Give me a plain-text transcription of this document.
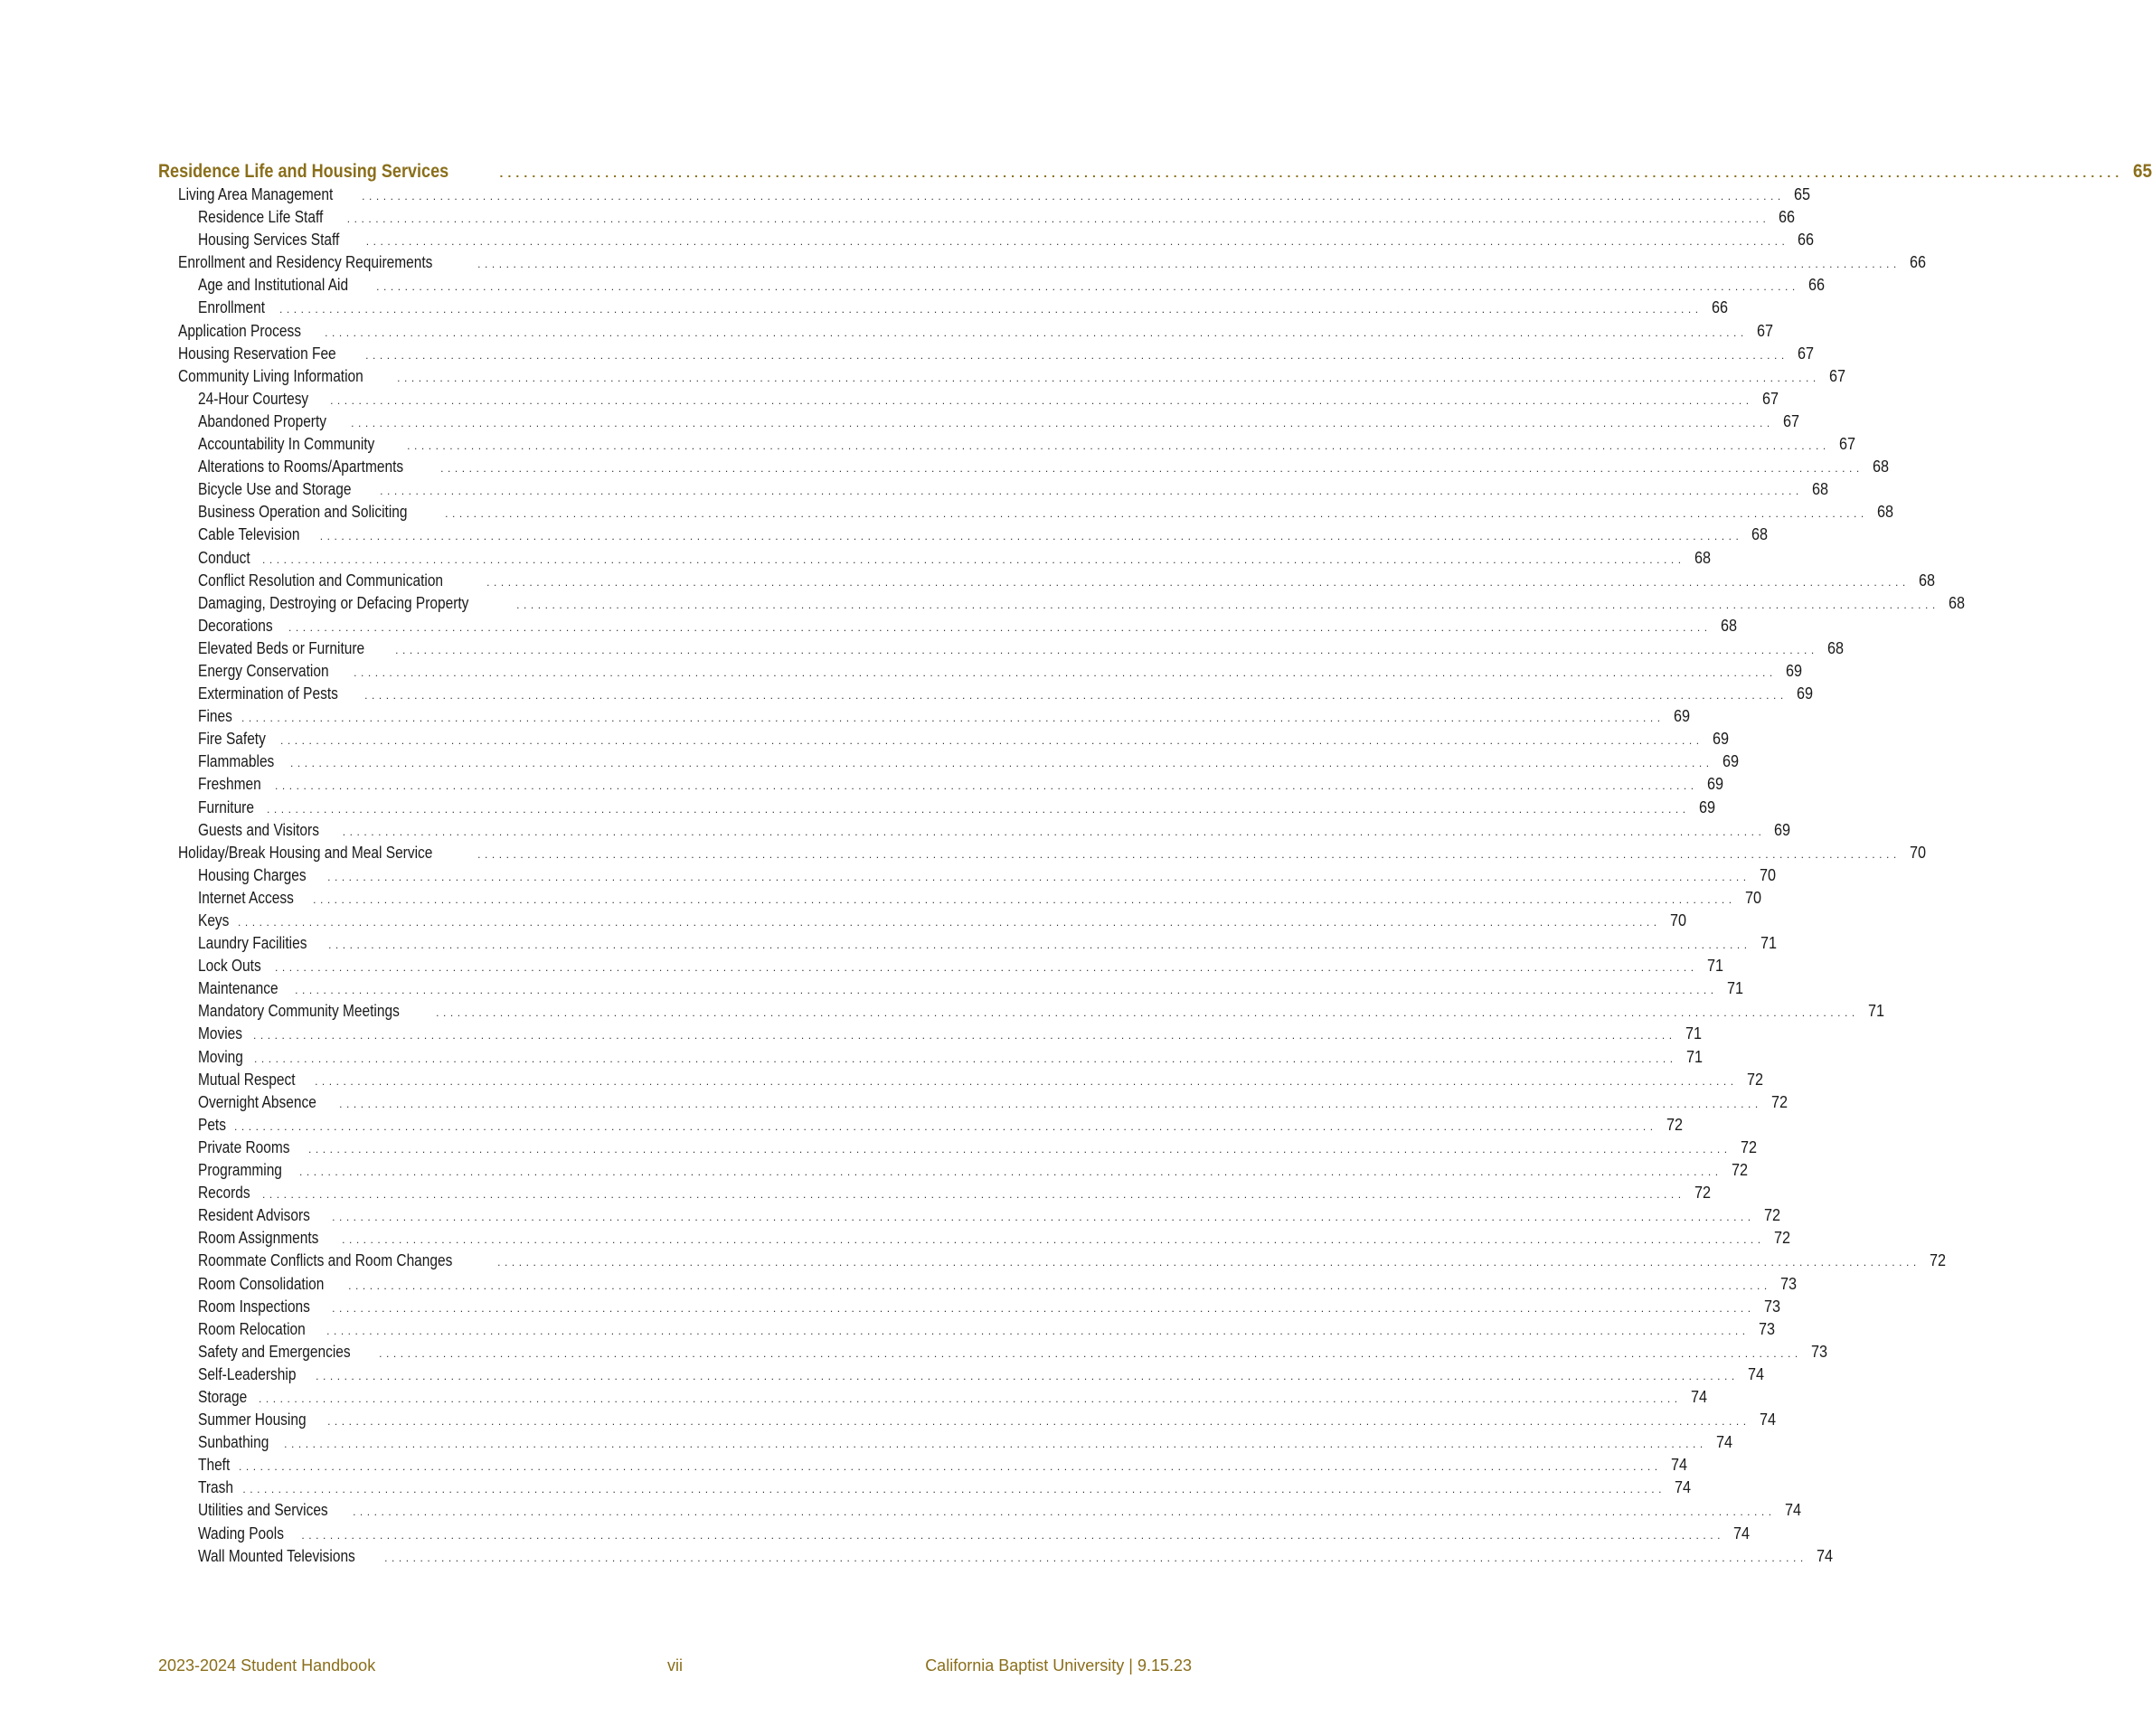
Residence Life and Housing Services	. . . . . . . . . . . . . . . . . . . . . . . . . . . . . . . . . . . . . . . . . . . . . . . . . . . . . . . . . . . . . . . . . . . . . . . . . . . . . . . . . . . . . . . . . . . . . . . . . . . . . . . . . . . . . . . . . . . . . . . . . . . . . . . . . . . . . . . . . . . . . . . . . . . . . . . . . . . . . . . . . . . . . . . . . . . . . . . . . . . . . . . . . . . . . . . . . . . . . . . . 65
Living Area Management	. . . . . . . . . . . . . . . . . . . . . . . . . . . . . . . . . . . . . . . . . . . . . . . . . . . . . . . . . . . . . . . . . . . . . . . . . . . . . . . . . . . . . . . . . . . . . . . . . . . . . . . . . . . . . . . . . . . . . . . . . . . . . . . . . . . . . . . . . . . . . . . . . . . . . . . . . . . . . . . . . . . . . . . . . . . . . . . . . . . . . . . . . . . . . . . . . . . . . . . . 65
Residence Life Staff . . . . . . . . . . . . . . . . . . . . . . . . . . . . . . . . . . . . . . . . . . . . . . . . . . . . . . . . . . . . . . . . . . . . . . . . . . . . . . . . . . . . . . . . . . . . . . . . . . . . . . . . . . . . . . . . . . . . . . . . . . . . . . . . . . . . . . . . . . . . . . . . . . . . . . . . . . . . . . . . . . . . . . . . . . . . . . . . . . . . . . . . . . . . . . . . . . . . . . . . 66
Housing Services Staff . . . . . . . . . . . . . . . . . . . . . . . . . . . . . . . . . . . . . . . . . . . . . . . . . . . . . . . . . . . . . . . . . . . . . . . . . . . . . . . . . . . . . . . . . . . . . . . . . . . . . . . . . . . . . . . . . . . . . . . . . . . . . . . . . . . . . . . . . . . . . . . . . . . . . . . . . . . . . . . . . . . . . . . . . . . . . . . . . . . . . . . . . . . . . . . . . . . . . . . . 66
Enrollment and Residency Requirements	. . . . . . . . . . . . . . . . . . . . . . . . . . . . . . . . . . . . . . . . . . . . . . . . . . . . . . . . . . . . . . . . . . . . . . . . . . . . . . . . . . . . . . . . . . . . . . . . . . . . . . . . . . . . . . . . . . . . . . . . . . . . . . . . . . . . . . . . . . . . . . . . . . . . . . . . . . . . . . . . . . . . . . . . . . . . . . . . . . . . . . . . . . . . . . . . . . . . . . . . 66
Age and Institutional Aid	. . . . . . . . . . . . . . . . . . . . . . . . . . . . . . . . . . . . . . . . . . . . . . . . . . . . . . . . . . . . . . . . . . . . . . . . . . . . . . . . . . . . . . . . . . . . . . . . . . . . . . . . . . . . . . . . . . . . . . . . . . . . . . . . . . . . . . . . . . . . . . . . . . . . . . . . . . . . . . . . . . . . . . . . . . . . . . . . . . . . . . . . . . . . . . . . . . . . . . . . 66
Enrollment . . . . . . . . . . . . . . . . . . . . . . . . . . . . . . . . . . . . . . . . . . . . . . . . . . . . . . . . . . . . . . . . . . . . . . . . . . . . . . . . . . . . . . . . . . . . . . . . . . . . . . . . . . . . . . . . . . . . . . . . . . . . . . . . . . . . . . . . . . . . . . . . . . . . . . . . . . . . . . . . . . . . . . . . . . . . . . . . . . . . . . . . . . . . . . . . . . . . . . . . 66
Application Process . . . . . . . . . . . . . . . . . . . . . . . . . . . . . . . . . . . . . . . . . . . . . . . . . . . . . . . . . . . . . . . . . . . . . . . . . . . . . . . . . . . . . . . . . . . . . . . . . . . . . . . . . . . . . . . . . . . . . . . . . . . . . . . . . . . . . . . . . . . . . . . . . . . . . . . . . . . . . . . . . . . . . . . . . . . . . . . . . . . . . . . . . . . . . . . . . . . . . . . . 67
Housing Reservation Fee	. . . . . . . . . . . . . . . . . . . . . . . . . . . . . . . . . . . . . . . . . . . . . . . . . . . . . . . . . . . . . . . . . . . . . . . . . . . . . . . . . . . . . . . . . . . . . . . . . . . . . . . . . . . . . . . . . . . . . . . . . . . . . . . . . . . . . . . . . . . . . . . . . . . . . . . . . . . . . . . . . . . . . . . . . . . . . . . . . . . . . . . . . . . . . . . . . . . . . . . . 67
Community Living Information	. . . . . . . . . . . . . . . . . . . . . . . . . . . . . . . . . . . . . . . . . . . . . . . . . . . . . . . . . . . . . . . . . . . . . . . . . . . . . . . . . . . . . . . . . . . . . . . . . . . . . . . . . . . . . . . . . . . . . . . . . . . . . . . . . . . . . . . . . . . . . . . . . . . . . . . . . . . . . . . . . . . . . . . . . . . . . . . . . . . . . . . . . . . . . . . . . . . . . . . . 67
24-Hour Courtesy . . . . . . . . . . . . . . . . . . . . . . . . . . . . . . . . . . . . . . . . . . . . . . . . . . . . . . . . . . . . . . . . . . . . . . . . . . . . . . . . . . . . . . . . . . . . . . . . . . . . . . . . . . . . . . . . . . . . . . . . . . . . . . . . . . . . . . . . . . . . . . . . . . . . . . . . . . . . . . . . . . . . . . . . . . . . . . . . . . . . . . . . . . . . . . . . . . . . . . . . 67
Abandoned Property . . . . . . . . . . . . . . . . . . . . . . . . . . . . . . . . . . . . . . . . . . . . . . . . . . . . . . . . . . . . . . . . . . . . . . . . . . . . . . . . . . . . . . . . . . . . . . . . . . . . . . . . . . . . . . . . . . . . . . . . . . . . . . . . . . . . . . . . . . . . . . . . . . . . . . . . . . . . . . . . . . . . . . . . . . . . . . . . . . . . . . . . . . . . . . . . . . . . . . . . 67
Accountability In Community	. . . . . . . . . . . . . . . . . . . . . . . . . . . . . . . . . . . . . . . . . . . . . . . . . . . . . . . . . . . . . . . . . . . . . . . . . . . . . . . . . . . . . . . . . . . . . . . . . . . . . . . . . . . . . . . . . . . . . . . . . . . . . . . . . . . . . . . . . . . . . . . . . . . . . . . . . . . . . . . . . . . . . . . . . . . . . . . . . . . . . . . . . . . . . . . . . . . . . . . . 67
Alterations to Rooms/Apartments	. . . . . . . . . . . . . . . . . . . . . . . . . . . . . . . . . . . . . . . . . . . . . . . . . . . . . . . . . . . . . . . . . . . . . . . . . . . . . . . . . . . . . . . . . . . . . . . . . . . . . . . . . . . . . . . . . . . . . . . . . . . . . . . . . . . . . . . . . . . . . . . . . . . . . . . . . . . . . . . . . . . . . . . . . . . . . . . . . . . . . . . . . . . . . . . . . . . . . . . . 68
Bicycle Use and Storage	. . . . . . . . . . . . . . . . . . . . . . . . . . . . . . . . . . . . . . . . . . . . . . . . . . . . . . . . . . . . . . . . . . . . . . . . . . . . . . . . . . . . . . . . . . . . . . . . . . . . . . . . . . . . . . . . . . . . . . . . . . . . . . . . . . . . . . . . . . . . . . . . . . . . . . . . . . . . . . . . . . . . . . . . . . . . . . . . . . . . . . . . . . . . . . . . . . . . . . . . 68
Business Operation and Soliciting	. . . . . . . . . . . . . . . . . . . . . . . . . . . . . . . . . . . . . . . . . . . . . . . . . . . . . . . . . . . . . . . . . . . . . . . . . . . . . . . . . . . . . . . . . . . . . . . . . . . . . . . . . . . . . . . . . . . . . . . . . . . . . . . . . . . . . . . . . . . . . . . . . . . . . . . . . . . . . . . . . . . . . . . . . . . . . . . . . . . . . . . . . . . . . . . . . . . . . . . . 68
Cable Television . . . . . . . . . . . . . . . . . . . . . . . . . . . . . . . . . . . . . . . . . . . . . . . . . . . . . . . . . . . . . . . . . . . . . . . . . . . . . . . . . . . . . . . . . . . . . . . . . . . . . . . . . . . . . . . . . . . . . . . . . . . . . . . . . . . . . . . . . . . . . . . . . . . . . . . . . . . . . . . . . . . . . . . . . . . . . . . . . . . . . . . . . . . . . . . . . . . . . . . . 68
Conduct . . . . . . . . . . . . . . . . . . . . . . . . . . . . . . . . . . . . . . . . . . . . . . . . . . . . . . . . . . . . . . . . . . . . . . . . . . . . . . . . . . . . . . . . . . . . . . . . . . . . . . . . . . . . . . . . . . . . . . . . . . . . . . . . . . . . . . . . . . . . . . . . . . . . . . . . . . . . . . . . . . . . . . . . . . . . . . . . . . . . . . . . . . . . . . . . . . . . . . . . 68
Conflict Resolution and Communication	. . . . . . . . . . . . . . . . . . . . . . . . . . . . . . . . . . . . . . . . . . . . . . . . . . . . . . . . . . . . . . . . . . . . . . . . . . . . . . . . . . . . . . . . . . . . . . . . . . . . . . . . . . . . . . . . . . . . . . . . . . . . . . . . . . . . . . . . . . . . . . . . . . . . . . . . . . . . . . . . . . . . . . . . . . . . . . . . . . . . . . . . . . . . . . . . . . . . . . . . 68
Damaging, Destroying or Defacing Property	. . . . . . . . . . . . . . . . . . . . . . . . . . . . . . . . . . . . . . . . . . . . . . . . . . . . . . . . . . . . . . . . . . . . . . . . . . . . . . . . . . . . . . . . . . . . . . . . . . . . . . . . . . . . . . . . . . . . . . . . . . . . . . . . . . . . . . . . . . . . . . . . . . . . . . . . . . . . . . . . . . . . . . . . . . . . . . . . . . . . . . . . . . . . . . . . . . . . . . . . 68
Decorations . . . . . . . . . . . . . . . . . . . . . . . . . . . . . . . . . . . . . . . . . . . . . . . . . . . . . . . . . . . . . . . . . . . . . . . . . . . . . . . . . . . . . . . . . . . . . . . . . . . . . . . . . . . . . . . . . . . . . . . . . . . . . . . . . . . . . . . . . . . . . . . . . . . . . . . . . . . . . . . . . . . . . . . . . . . . . . . . . . . . . . . . . . . . . . . . . . . . . . . . 68
Elevated Beds or Furniture	. . . . . . . . . . . . . . . . . . . . . . . . . . . . . . . . . . . . . . . . . . . . . . . . . . . . . . . . . . . . . . . . . . . . . . . . . . . . . . . . . . . . . . . . . . . . . . . . . . . . . . . . . . . . . . . . . . . . . . . . . . . . . . . . . . . . . . . . . . . . . . . . . . . . . . . . . . . . . . . . . . . . . . . . . . . . . . . . . . . . . . . . . . . . . . . . . . . . . . . . 68
Energy Conservation . . . . . . . . . . . . . . . . . . . . . . . . . . . . . . . . . . . . . . . . . . . . . . . . . . . . . . . . . . . . . . . . . . . . . . . . . . . . . . . . . . . . . . . . . . . . . . . . . . . . . . . . . . . . . . . . . . . . . . . . . . . . . . . . . . . . . . . . . . . . . . . . . . . . . . . . . . . . . . . . . . . . . . . . . . . . . . . . . . . . . . . . . . . . . . . . . . . . . . . . 69
Extermination of Pests . . . . . . . . . . . . . . . . . . . . . . . . . . . . . . . . . . . . . . . . . . . . . . . . . . . . . . . . . . . . . . . . . . . . . . . . . . . . . . . . . . . . . . . . . . . . . . . . . . . . . . . . . . . . . . . . . . . . . . . . . . . . . . . . . . . . . . . . . . . . . . . . . . . . . . . . . . . . . . . . . . . . . . . . . . . . . . . . . . . . . . . . . . . . . . . . . . . . . . . . 69
Fines . . . . . . . . . . . . . . . . . . . . . . . . . . . . . . . . . . . . . . . . . . . . . . . . . . . . . . . . . . . . . . . . . . . . . . . . . . . . . . . . . . . . . . . . . . . . . . . . . . . . . . . . . . . . . . . . . . . . . . . . . . . . . . . . . . . . . . . . . . . . . . . . . . . . . . . . . . . . . . . . . . . . . . . . . . . . . . . . . . . . . . . . . . . . . . . . . . . . . . . . 69
Fire Safety . . . . . . . . . . . . . . . . . . . . . . . . . . . . . . . . . . . . . . . . . . . . . . . . . . . . . . . . . . . . . . . . . . . . . . . . . . . . . . . . . . . . . . . . . . . . . . . . . . . . . . . . . . . . . . . . . . . . . . . . . . . . . . . . . . . . . . . . . . . . . . . . . . . . . . . . . . . . . . . . . . . . . . . . . . . . . . . . . . . . . . . . . . . . . . . . . . . . . . . . 69
Flammables . . . . . . . . . . . . . . . . . . . . . . . . . . . . . . . . . . . . . . . . . . . . . . . . . . . . . . . . . . . . . . . . . . . . . . . . . . . . . . . . . . . . . . . . . . . . . . . . . . . . . . . . . . . . . . . . . . . . . . . . . . . . . . . . . . . . . . . . . . . . . . . . . . . . . . . . . . . . . . . . . . . . . . . . . . . . . . . . . . . . . . . . . . . . . . . . . . . . . . . . 69
Freshmen . . . . . . . . . . . . . . . . . . . . . . . . . . . . . . . . . . . . . . . . . . . . . . . . . . . . . . . . . . . . . . . . . . . . . . . . . . . . . . . . . . . . . . . . . . . . . . . . . . . . . . . . . . . . . . . . . . . . . . . . . . . . . . . . . . . . . . . . . . . . . . . . . . . . . . . . . . . . . . . . . . . . . . . . . . . . . . . . . . . . . . . . . . . . . . . . . . . . . . . . 69
Furniture . . . . . . . . . . . . . . . . . . . . . . . . . . . . . . . . . . . . . . . . . . . . . . . . . . . . . . . . . . . . . . . . . . . . . . . . . . . . . . . . . . . . . . . . . . . . . . . . . . . . . . . . . . . . . . . . . . . . . . . . . . . . . . . . . . . . . . . . . . . . . . . . . . . . . . . . . . . . . . . . . . . . . . . . . . . . . . . . . . . . . . . . . . . . . . . . . . . . . . . . 69
Guests and Visitors . . . . . . . . . . . . . . . . . . . . . . . . . . . . . . . . . . . . . . . . . . . . . . . . . . . . . . . . . . . . . . . . . . . . . . . . . . . . . . . . . . . . . . . . . . . . . . . . . . . . . . . . . . . . . . . . . . . . . . . . . . . . . . . . . . . . . . . . . . . . . . . . . . . . . . . . . . . . . . . . . . . . . . . . . . . . . . . . . . . . . . . . . . . . . . . . . . . . . . . . 69
Holiday/Break Housing and Meal Service	. . . . . . . . . . . . . . . . . . . . . . . . . . . . . . . . . . . . . . . . . . . . . . . . . . . . . . . . . . . . . . . . . . . . . . . . . . . . . . . . . . . . . . . . . . . . . . . . . . . . . . . . . . . . . . . . . . . . . . . . . . . . . . . . . . . . . . . . . . . . . . . . . . . . . . . . . . . . . . . . . . . . . . . . . . . . . . . . . . . . . . . . . . . . . . . . . . . . . . . . 70
Housing Charges . . . . . . . . . . . . . . . . . . . . . . . . . . . . . . . . . . . . . . . . . . . . . . . . . . . . . . . . . . . . . . . . . . . . . . . . . . . . . . . . . . . . . . . . . . . . . . . . . . . . . . . . . . . . . . . . . . . . . . . . . . . . . . . . . . . . . . . . . . . . . . . . . . . . . . . . . . . . . . . . . . . . . . . . . . . . . . . . . . . . . . . . . . . . . . . . . . . . . . . . 70
Internet Access . . . . . . . . . . . . . . . . . . . . . . . . . . . . . . . . . . . . . . . . . . . . . . . . . . . . . . . . . . . . . . . . . . . . . . . . . . . . . . . . . . . . . . . . . . . . . . . . . . . . . . . . . . . . . . . . . . . . . . . . . . . . . . . . . . . . . . . . . . . . . . . . . . . . . . . . . . . . . . . . . . . . . . . . . . . . . . . . . . . . . . . . . . . . . . . . . . . . . . . . 70
Keys . . . . . . . . . . . . . . . . . . . . . . . . . . . . . . . . . . . . . . . . . . . . . . . . . . . . . . . . . . . . . . . . . . . . . . . . . . . . . . . . . . . . . . . . . . . . . . . . . . . . . . . . . . . . . . . . . . . . . . . . . . . . . . . . . . . . . . . . . . . . . . . . . . . . . . . . . . . . . . . . . . . . . . . . . . . . . . . . . . . . . . . . . . . . . . . . . . . . . . . . 70
Laundry Facilities . . . . . . . . . . . . . . . . . . . . . . . . . . . . . . . . . . . . . . . . . . . . . . . . . . . . . . . . . . . . . . . . . . . . . . . . . . . . . . . . . . . . . . . . . . . . . . . . . . . . . . . . . . . . . . . . . . . . . . . . . . . . . . . . . . . . . . . . . . . . . . . . . . . . . . . . . . . . . . . . . . . . . . . . . . . . . . . . . . . . . . . . . . . . . . . . . . . . . . . . 71
Lock Outs . . . . . . . . . . . . . . . . . . . . . . . . . . . . . . . . . . . . . . . . . . . . . . . . . . . . . . . . . . . . . . . . . . . . . . . . . . . . . . . . . . . . . . . . . . . . . . . . . . . . . . . . . . . . . . . . . . . . . . . . . . . . . . . . . . . . . . . . . . . . . . . . . . . . . . . . . . . . . . . . . . . . . . . . . . . . . . . . . . . . . . . . . . . . . . . . . . . . . . . . 71
Maintenance . . . . . . . . . . . . . . . . . . . . . . . . . . . . . . . . . . . . . . . . . . . . . . . . . . . . . . . . . . . . . . . . . . . . . . . . . . . . . . . . . . . . . . . . . . . . . . . . . . . . . . . . . . . . . . . . . . . . . . . . . . . . . . . . . . . . . . . . . . . . . . . . . . . . . . . . . . . . . . . . . . . . . . . . . . . . . . . . . . . . . . . . . . . . . . . . . . . . . . . . 71
Mandatory Community Meetings	. . . . . . . . . . . . . . . . . . . . . . . . . . . . . . . . . . . . . . . . . . . . . . . . . . . . . . . . . . . . . . . . . . . . . . . . . . . . . . . . . . . . . . . . . . . . . . . . . . . . . . . . . . . . . . . . . . . . . . . . . . . . . . . . . . . . . . . . . . . . . . . . . . . . . . . . . . . . . . . . . . . . . . . . . . . . . . . . . . . . . . . . . . . . . . . . . . . . . . . . 71
Movies . . . . . . . . . . . . . . . . . . . . . . . . . . . . . . . . . . . . . . . . . . . . . . . . . . . . . . . . . . . . . . . . . . . . . . . . . . . . . . . . . . . . . . . . . . . . . . . . . . . . . . . . . . . . . . . . . . . . . . . . . . . . . . . . . . . . . . . . . . . . . . . . . . . . . . . . . . . . . . . . . . . . . . . . . . . . . . . . . . . . . . . . . . . . . . . . . . . . . . . . 71
Moving . . . . . . . . . . . . . . . . . . . . . . . . . . . . . . . . . . . . . . . . . . . . . . . . . . . . . . . . . . . . . . . . . . . . . . . . . . . . . . . . . . . . . . . . . . . . . . . . . . . . . . . . . . . . . . . . . . . . . . . . . . . . . . . . . . . . . . . . . . . . . . . . . . . . . . . . . . . . . . . . . . . . . . . . . . . . . . . . . . . . . . . . . . . . . . . . . . . . . . . . 71
Mutual Respect . . . . . . . . . . . . . . . . . . . . . . . . . . . . . . . . . . . . . . . . . . . . . . . . . . . . . . . . . . . . . . . . . . . . . . . . . . . . . . . . . . . . . . . . . . . . . . . . . . . . . . . . . . . . . . . . . . . . . . . . . . . . . . . . . . . . . . . . . . . . . . . . . . . . . . . . . . . . . . . . . . . . . . . . . . . . . . . . . . . . . . . . . . . . . . . . . . . . . . . . 72
Overnight Absence . . . . . . . . . . . . . . . . . . . . . . . . . . . . . . . . . . . . . . . . . . . . . . . . . . . . . . . . . . . . . . . . . . . . . . . . . . . . . . . . . . . . . . . . . . . . . . . . . . . . . . . . . . . . . . . . . . . . . . . . . . . . . . . . . . . . . . . . . . . . . . . . . . . . . . . . . . . . . . . . . . . . . . . . . . . . . . . . . . . . . . . . . . . . . . . . . . . . . . . . 72
Pets . . . . . . . . . . . . . . . . . . . . . . . . . . . . . . . . . . . . . . . . . . . . . . . . . . . . . . . . . . . . . . . . . . . . . . . . . . . . . . . . . . . . . . . . . . . . . . . . . . . . . . . . . . . . . . . . . . . . . . . . . . . . . . . . . . . . . . . . . . . . . . . . . . . . . . . . . . . . . . . . . . . . . . . . . . . . . . . . . . . . . . . . . . . . . . . . . . . . . . . . 72
Private Rooms . . . . . . . . . . . . . . . . . . . . . . . . . . . . . . . . . . . . . . . . . . . . . . . . . . . . . . . . . . . . . . . . . . . . . . . . . . . . . . . . . . . . . . . . . . . . . . . . . . . . . . . . . . . . . . . . . . . . . . . . . . . . . . . . . . . . . . . . . . . . . . . . . . . . . . . . . . . . . . . . . . . . . . . . . . . . . . . . . . . . . . . . . . . . . . . . . . . . . . . . 72
Programming . . . . . . . . . . . . . . . . . . . . . . . . . . . . . . . . . . . . . . . . . . . . . . . . . . . . . . . . . . . . . . . . . . . . . . . . . . . . . . . . . . . . . . . . . . . . . . . . . . . . . . . . . . . . . . . . . . . . . . . . . . . . . . . . . . . . . . . . . . . . . . . . . . . . . . . . . . . . . . . . . . . . . . . . . . . . . . . . . . . . . . . . . . . . . . . . . . . . . . . . 72
Records . . . . . . . . . . . . . . . . . . . . . . . . . . . . . . . . . . . . . . . . . . . . . . . . . . . . . . . . . . . . . . . . . . . . . . . . . . . . . . . . . . . . . . . . . . . . . . . . . . . . . . . . . . . . . . . . . . . . . . . . . . . . . . . . . . . . . . . . . . . . . . . . . . . . . . . . . . . . . . . . . . . . . . . . . . . . . . . . . . . . . . . . . . . . . . . . . . . . . . . . 72
Resident Advisors . . . . . . . . . . . . . . . . . . . . . . . . . . . . . . . . . . . . . . . . . . . . . . . . . . . . . . . . . . . . . . . . . . . . . . . . . . . . . . . . . . . . . . . . . . . . . . . . . . . . . . . . . . . . . . . . . . . . . . . . . . . . . . . . . . . . . . . . . . . . . . . . . . . . . . . . . . . . . . . . . . . . . . . . . . . . . . . . . . . . . . . . . . . . . . . . . . . . . . . . 72
Room Assignments . . . . . . . . . . . . . . . . . . . . . . . . . . . . . . . . . . . . . . . . . . . . . . . . . . . . . . . . . . . . . . . . . . . . . . . . . . . . . . . . . . . . . . . . . . . . . . . . . . . . . . . . . . . . . . . . . . . . . . . . . . . . . . . . . . . . . . . . . . . . . . . . . . . . . . . . . . . . . . . . . . . . . . . . . . . . . . . . . . . . . . . . . . . . . . . . . . . . . . . . 72
Roommate Conflicts and Room Changes	. . . . . . . . . . . . . . . . . . . . . . . . . . . . . . . . . . . . . . . . . . . . . . . . . . . . . . . . . . . . . . . . . . . . . . . . . . . . . . . . . . . . . . . . . . . . . . . . . . . . . . . . . . . . . . . . . . . . . . . . . . . . . . . . . . . . . . . . . . . . . . . . . . . . . . . . . . . . . . . . . . . . . . . . . . . . . . . . . . . . . . . . . . . . . . . . . . . . . . . . 72
Room Consolidation . . . . . . . . . . . . . . . . . . . . . . . . . . . . . . . . . . . . . . . . . . . . . . . . . . . . . . . . . . . . . . . . . . . . . . . . . . . . . . . . . . . . . . . . . . . . . . . . . . . . . . . . . . . . . . . . . . . . . . . . . . . . . . . . . . . . . . . . . . . . . . . . . . . . . . . . . . . . . . . . . . . . . . . . . . . . . . . . . . . . . . . . . . . . . . . . . . . . . . . . 73
Room Inspections . . . . . . . . . . . . . . . . . . . . . . . . . . . . . . . . . . . . . . . . . . . . . . . . . . . . . . . . . . . . . . . . . . . . . . . . . . . . . . . . . . . . . . . . . . . . . . . . . . . . . . . . . . . . . . . . . . . . . . . . . . . . . . . . . . . . . . . . . . . . . . . . . . . . . . . . . . . . . . . . . . . . . . . . . . . . . . . . . . . . . . . . . . . . . . . . . . . . . . . . 73
Room Relocation . . . . . . . . . . . . . . . . . . . . . . . . . . . . . . . . . . . . . . . . . . . . . . . . . . . . . . . . . . . . . . . . . . . . . . . . . . . . . . . . . . . . . . . . . . . . . . . . . . . . . . . . . . . . . . . . . . . . . . . . . . . . . . . . . . . . . . . . . . . . . . . . . . . . . . . . . . . . . . . . . . . . . . . . . . . . . . . . . . . . . . . . . . . . . . . . . . . . . . . . 73
Safety and Emergencies	. . . . . . . . . . . . . . . . . . . . . . . . . . . . . . . . . . . . . . . . . . . . . . . . . . . . . . . . . . . . . . . . . . . . . . . . . . . . . . . . . . . . . . . . . . . . . . . . . . . . . . . . . . . . . . . . . . . . . . . . . . . . . . . . . . . . . . . . . . . . . . . . . . . . . . . . . . . . . . . . . . . . . . . . . . . . . . . . . . . . . . . . . . . . . . . . . . . . . . . . 73
Self-Leadership . . . . . . . . . . . . . . . . . . . . . . . . . . . . . . . . . . . . . . . . . . . . . . . . . . . . . . . . . . . . . . . . . . . . . . . . . . . . . . . . . . . . . . . . . . . . . . . . . . . . . . . . . . . . . . . . . . . . . . . . . . . . . . . . . . . . . . . . . . . . . . . . . . . . . . . . . . . . . . . . . . . . . . . . . . . . . . . . . . . . . . . . . . . . . . . . . . . . . . . . 74
Storage . . . . . . . . . . . . . . . . . . . . . . . . . . . . . . . . . . . . . . . . . . . . . . . . . . . . . . . . . . . . . . . . . . . . . . . . . . . . . . . . . . . . . . . . . . . . . . . . . . . . . . . . . . . . . . . . . . . . . . . . . . . . . . . . . . . . . . . . . . . . . . . . . . . . . . . . . . . . . . . . . . . . . . . . . . . . . . . . . . . . . . . . . . . . . . . . . . . . . . . . 74
Summer Housing . . . . . . . . . . . . . . . . . . . . . . . . . . . . . . . . . . . . . . . . . . . . . . . . . . . . . . . . . . . . . . . . . . . . . . . . . . . . . . . . . . . . . . . . . . . . . . . . . . . . . . . . . . . . . . . . . . . . . . . . . . . . . . . . . . . . . . . . . . . . . . . . . . . . . . . . . . . . . . . . . . . . . . . . . . . . . . . . . . . . . . . . . . . . . . . . . . . . . . . . 74
Sunbathing . . . . . . . . . . . . . . . . . . . . . . . . . . . . . . . . . . . . . . . . . . . . . . . . . . . . . . . . . . . . . . . . . . . . . . . . . . . . . . . . . . . . . . . . . . . . . . . . . . . . . . . . . . . . . . . . . . . . . . . . . . . . . . . . . . . . . . . . . . . . . . . . . . . . . . . . . . . . . . . . . . . . . . . . . . . . . . . . . . . . . . . . . . . . . . . . . . . . . . . . 74
Theft . . . . . . . . . . . . . . . . . . . . . . . . . . . . . . . . . . . . . . . . . . . . . . . . . . . . . . . . . . . . . . . . . . . . . . . . . . . . . . . . . . . . . . . . . . . . . . . . . . . . . . . . . . . . . . . . . . . . . . . . . . . . . . . . . . . . . . . . . . . . . . . . . . . . . . . . . . . . . . . . . . . . . . . . . . . . . . . . . . . . . . . . . . . . . . . . . . . . . . . . 74
Trash . . . . . . . . . . . . . . . . . . . . . . . . . . . . . . . . . . . . . . . . . . . . . . . . . . . . . . . . . . . . . . . . . . . . . . . . . . . . . . . . . . . . . . . . . . . . . . . . . . . . . . . . . . . . . . . . . . . . . . . . . . . . . . . . . . . . . . . . . . . . . . . . . . . . . . . . . . . . . . . . . . . . . . . . . . . . . . . . . . . . . . . . . . . . . . . . . . . . . . . . 74
Utilities and Services . . . . . . . . . . . . . . . . . . . . . . . . . . . . . . . . . . . . . . . . . . . . . . . . . . . . . . . . . . . . . . . . . . . . . . . . . . . . . . . . . . . . . . . . . . . . . . . . . . . . . . . . . . . . . . . . . . . . . . . . . . . . . . . . . . . . . . . . . . . . . . . . . . . . . . . . . . . . . . . . . . . . . . . . . . . . . . . . . . . . . . . . . . . . . . . . . . . . . . . . 74
Wading Pools . . . . . . . . . . . . . . . . . . . . . . . . . . . . . . . . . . . . . . . . . . . . . . . . . . . . . . . . . . . . . . . . . . . . . . . . . . . . . . . . . . . . . . . . . . . . . . . . . . . . . . . . . . . . . . . . . . . . . . . . . . . . . . . . . . . . . . . . . . . . . . . . . . . . . . . . . . . . . . . . . . . . . . . . . . . . . . . . . . . . . . . . . . . . . . . . . . . . . . . . 74
Wall Mounted Televisions	. . . . . . . . . . . . . . . . . . . . . . . . . . . . . . . . . . . . . . . . . . . . . . . . . . . . . . . . . . . . . . . . . . . . . . . . . . . . . . . . . . . . . . . . . . . . . . . . . . . . . . . . . . . . . . . . . . . . . . . . . . . . . . . . . . . . . . . . . . . . . . . . . . . . . . . . . . . . . . . . . . . . . . . . . . . . . . . . . . . . . . . . . . . . . . . . . . . . . . . . 74
2023-2024 Student Handbook	vii	California Baptist University | 9.15.23
